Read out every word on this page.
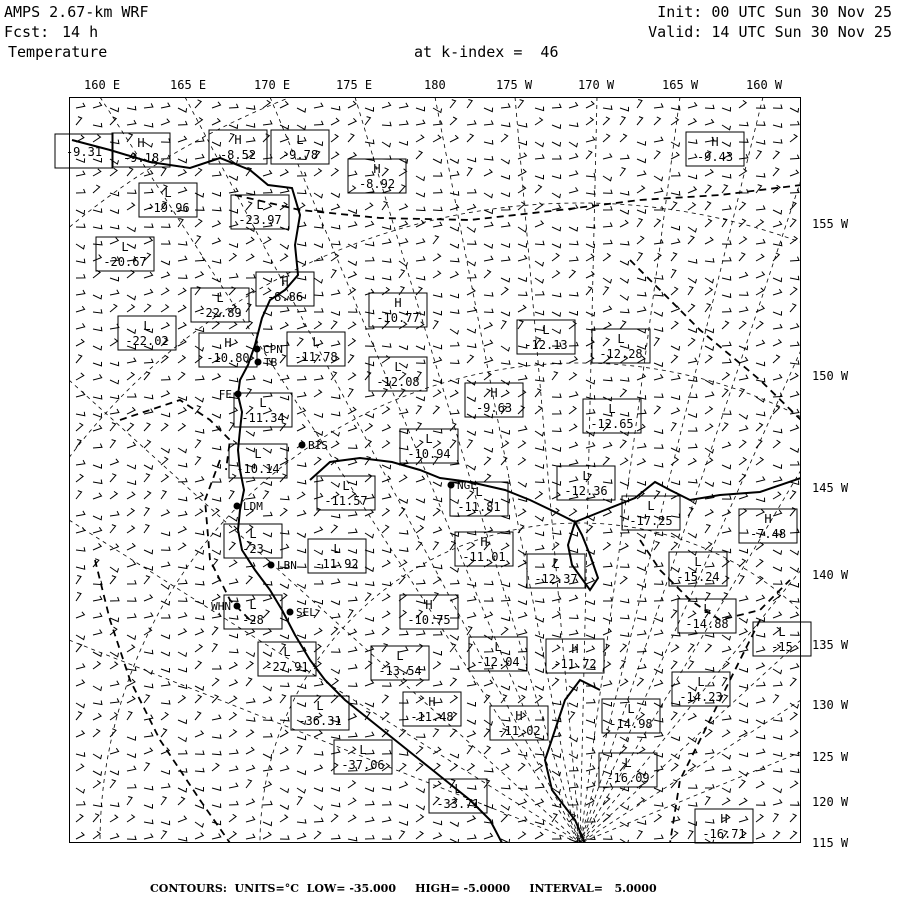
AMPS 2.67-km WRF
Fcst: 14 h
Temperature
Init: 00 UTC Sun 30 Nov 25
Valid: 14 UTC Sun 30 Nov 25
at k-index =  46
160 E	165 E	170 E	175 E	180	175 W	170 W	165 W	160 W
155 W
150 W
145 W
140 W
135 W
130 W
125 W
120 W
115 W
BIS
NGL
CPN
FE
TB
LDM
LBN
SEL
WHN
H
-9.18
H
-8.52
L
-9.78
H
-8.92
H
-9.43
L
-19.96	L
-23.97
L
-20.67
H
-8.86
L
-22.89
H
-10.77
L
-22.02	H
-10.80
L
-11.78
L
-12.13	L
-12.28
L
-12.08
L
-11.34
H
-9.63	L
-12.65
L
-10.94
L
-10.14	L
-12.36
L
-11.57
L
-11.81	L
-17.25	H
-7.48
L
-23	H
-11.01
L
-11.92	L
-12.37
L
-15.24
L
-28
H
-10.75
L
-14.88
L
-15
L
-27.91
L
-13.54
L
-12.04
H
-11.72
L
-14.23
L
-36.31
H
-11.48	H
-11.02
L
-14.98
L
-37.06	L
-16.09
L
-33.71
H
-16.71
-9.31
CONTOURS:  UNITS=°C  LOW= -35.000     HIGH= -5.0000     INTERVAL=   5.0000
